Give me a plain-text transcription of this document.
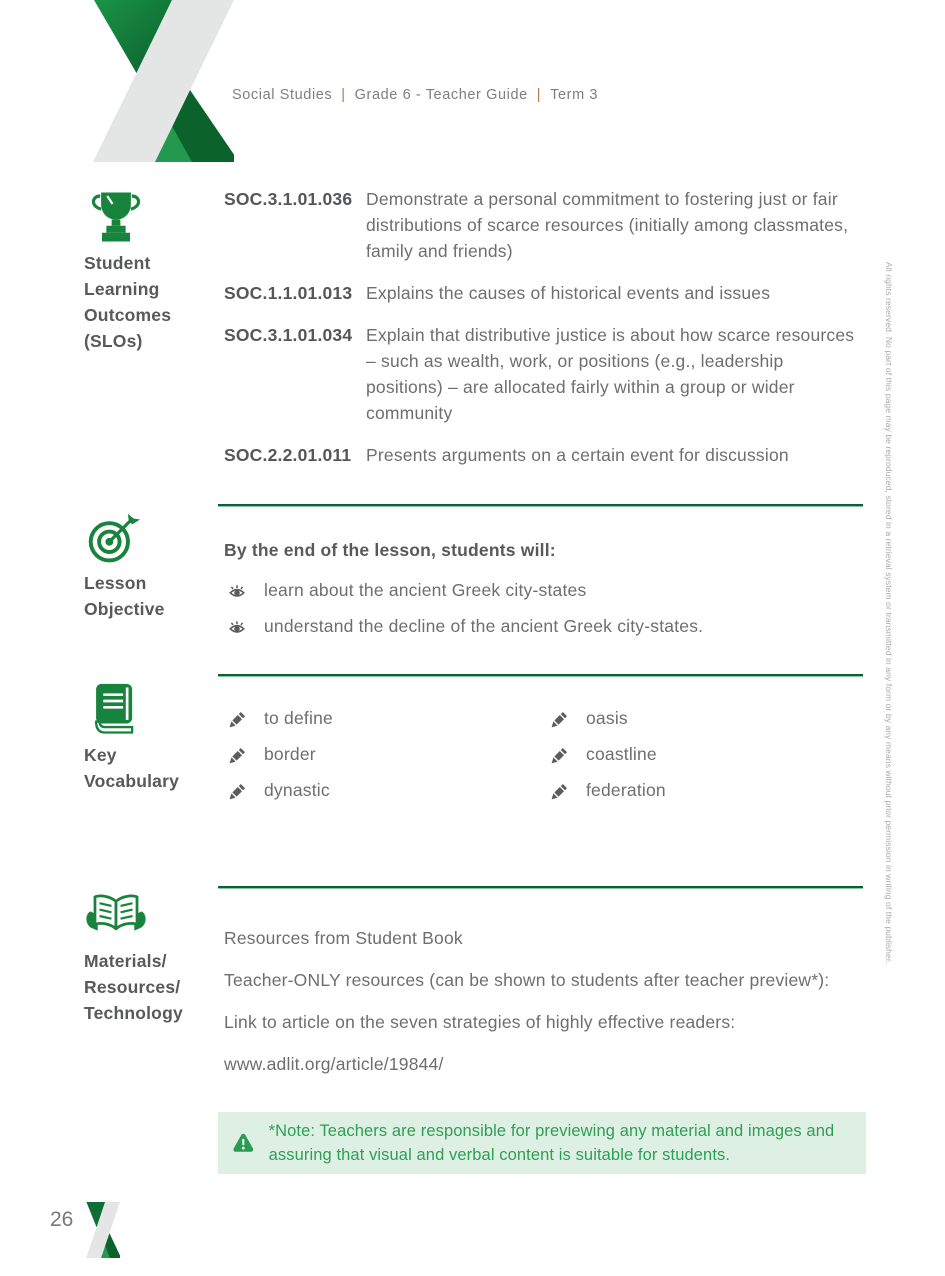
Social Studies | Grade 6 - Teacher Guide | Term 3
All rights reserved. No part of this page may be reproduced, stored in a retrieval system or transmitted in any form or by any means without prior permission in writing of the publisher.
Student Learning Outcomes (SLOs)
SOC.3.1.01.036 Demonstrate a personal commitment to fostering just or fair distributions of scarce resources (initially among classmates, family and friends)
SOC.1.1.01.013 Explains the causes of historical events and issues
SOC.3.1.01.034 Explain that distributive justice is about how scarce resources – such as wealth, work, or positions (e.g., leadership positions) – are allocated fairly within a group or wider community
SOC.2.2.01.011 Presents arguments on a certain event for discussion
Lesson Objective
By the end of the lesson, students will:
learn about the ancient Greek city-states
understand the decline of the ancient Greek city-states.
Key Vocabulary
to define
border
dynastic
oasis
coastline
federation
Materials/ Resources/ Technology

Resources from Student Book

Teacher-ONLY resources (can be shown to students after teacher preview*):

Link to article on the seven strategies of highly effective readers:

www.adlit.org/article/19844/

*Note: Teachers are responsible for previewing any material and images and assuring that visual and verbal content is suitable for students.
26
